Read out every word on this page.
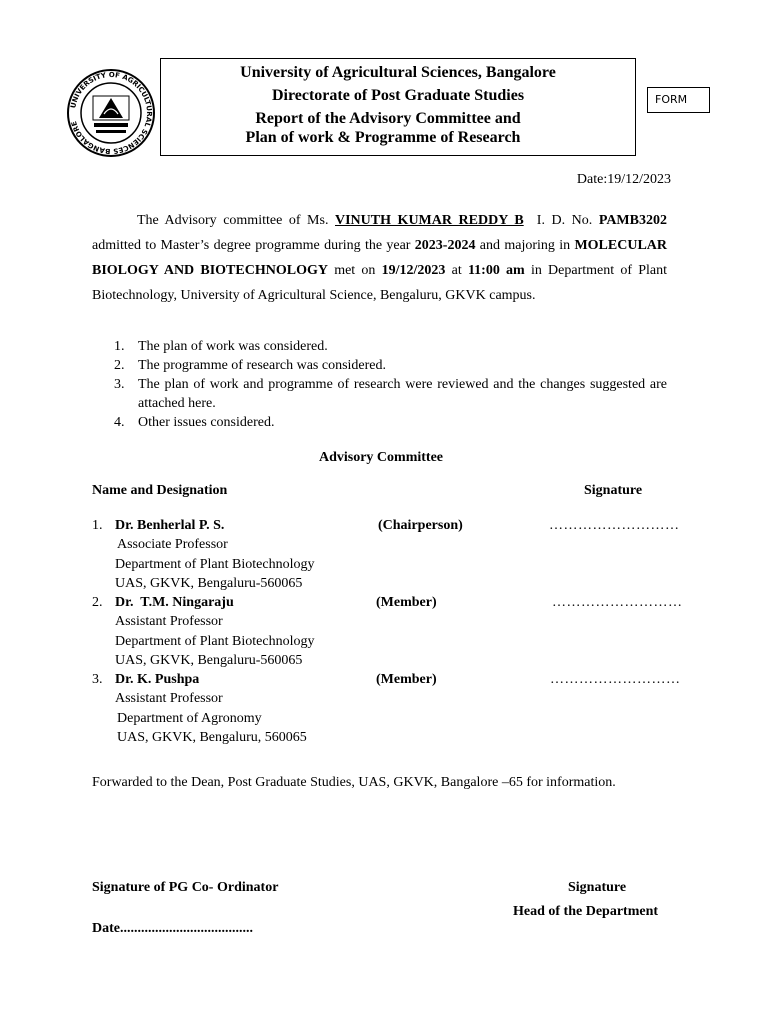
UNIVERSITY OF AGRICULTURAL SCIENCES BANGALORE
University of Agricultural Sciences, Bangalore
Directorate of Post Graduate Studies
Report of the Advisory Committee and
Plan of work & Programme of Research
FORM
Date:19/12/2023

The Advisory committee of Ms. VINUTH KUMAR REDDY B I. D. No. PAMB3202 admitted to Master’s degree programme during the year 2023-2024 and majoring in MOLECULAR BIOLOGY AND BIOTECHNOLOGY met on 19/12/2023 at 11:00 am in Department of Plant Biotechnology, University of Agricultural Science, Bengaluru, GKVK campus.

1. The plan of work was considered.
2. The programme of research was considered.
3. The plan of work and programme of research were reviewed and the changes suggested are attached here.
4. Other issues considered.
Advisory Committee
Name and Designation	Signature
1. Dr. Benherlal P. S.	(Chairperson)	………………………
Associate Professor
Department of Plant Biotechnology
UAS, GKVK, Bengaluru-560065
2. Dr.  T.M. Ningaraju	(Member)	………………………
Assistant Professor
Department of Plant Biotechnology
UAS, GKVK, Bengaluru-560065
3. Dr. K. Pushpa	(Member)	………………………
Assistant Professor
Department of Agronomy
UAS, GKVK, Bengaluru, 560065

Forwarded to the Dean, Post Graduate Studies, UAS, GKVK, Bangalore –65 for information.

Signature of PG Co- Ordinator	Signature
Head of the Department
Date......................................
